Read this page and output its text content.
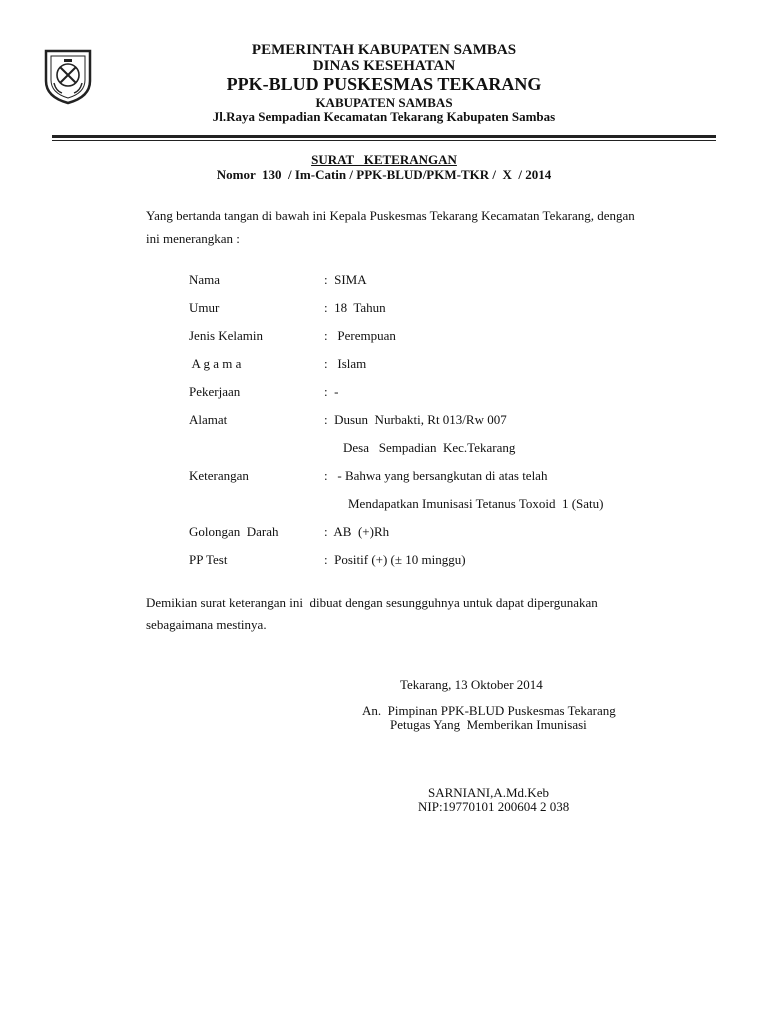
PEMERINTAH KABUPATEN SAMBAS
DINAS KESEHATAN
PPK-BLUD PUSKESMAS TEKARANG
KABUPATEN SAMBAS
Jl.Raya Sempadian Kecamatan Tekarang Kabupaten Sambas
SURAT   KETERANGAN
Nomor  130  / Im-Catin / PPK-BLUD/PKM-TKR /  X  / 2014
Yang bertanda tangan di bawah ini Kepala Puskesmas Tekarang Kecamatan Tekarang, dengan
ini menerangkan :
Nama	:  SIMA
Umur	:  18  Tahun
Jenis Kelamin	:   Perempuan
A g a m a	:   Islam
Pekerjaan	:  -
Alamat	:  Dusun  Nurbakti, Rt 013/Rw 007
Desa   Sempadian  Kec.Tekarang
Keterangan	:   - Bahwa yang bersangkutan di atas telah
Mendapatkan Imunisasi Tetanus Toxoid  1 (Satu)
Golongan  Darah	:  AB  (+)Rh
PP Test	:  Positif (+) (± 10 minggu)
Demikian surat keterangan ini  dibuat dengan sesungguhnya untuk dapat dipergunakan
sebagaimana mestinya.
Tekarang, 13 Oktober 2014
An.  Pimpinan PPK-BLUD Puskesmas Tekarang
Petugas Yang  Memberikan Imunisasi
SARNIANI,A.Md.Keb
NIP:19770101 200604 2 038
